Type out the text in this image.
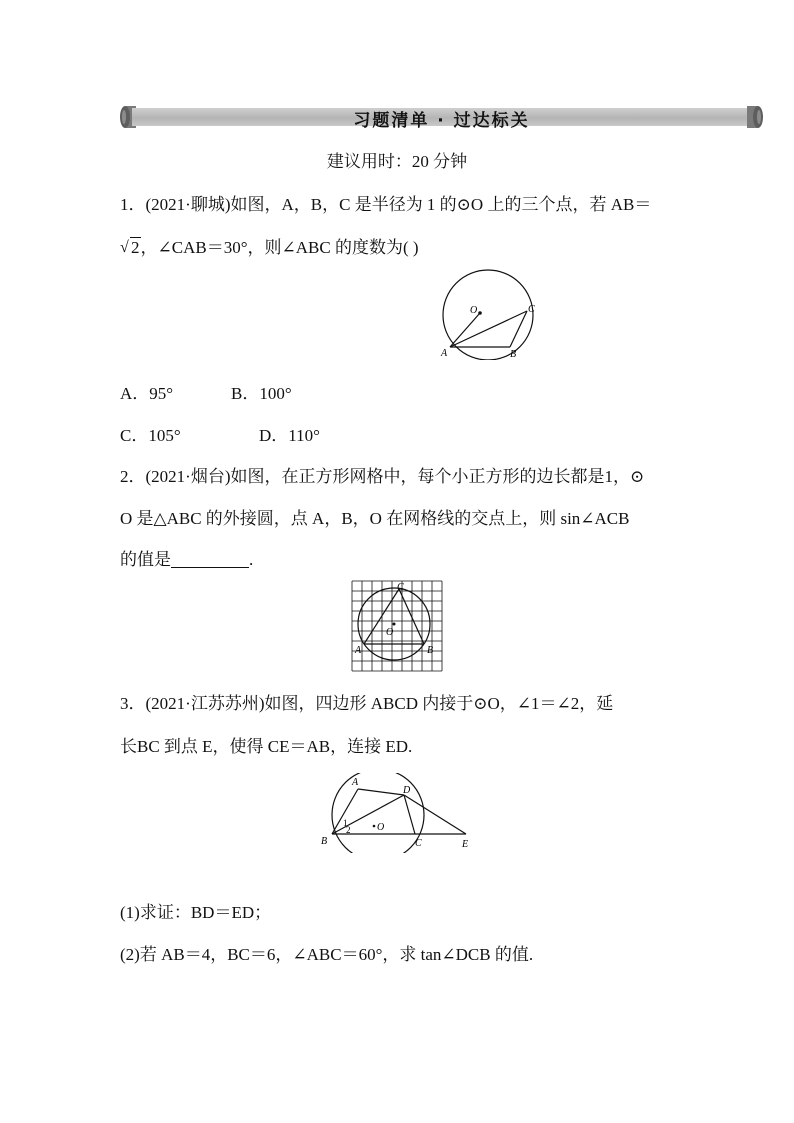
习题清单 · 过达标关
建议用时：20 分钟
1．(2021·聊城)如图，A，B，C 是半径为 1 的⊙O 上的三个点，若 AB＝
√ 2，∠CAB＝30°，则∠ABC 的度数为( )
O
A	B
C
A．95°	B．100°
C．105°	D．110°
2．(2021·烟台)如图，在正方形网格中，每个小正方形的边长都是1，⊙
O 是△ABC 的外接圆，点 A，B，O 在网格线的交点上，则 sin∠ACB
的值是	.
C
O
A	B
3．(2021·江苏苏州)如图，四边形 ABCD 内接于⊙O，∠1＝∠2，延
长BC 到点 E，使得 CE＝AB，连接 ED.
A
D
B	C	E
O
1
2
(1)求证：BD＝ED；
(2)若 AB＝4，BC＝6，∠ABC＝60°，求 tan∠DCB 的值.
